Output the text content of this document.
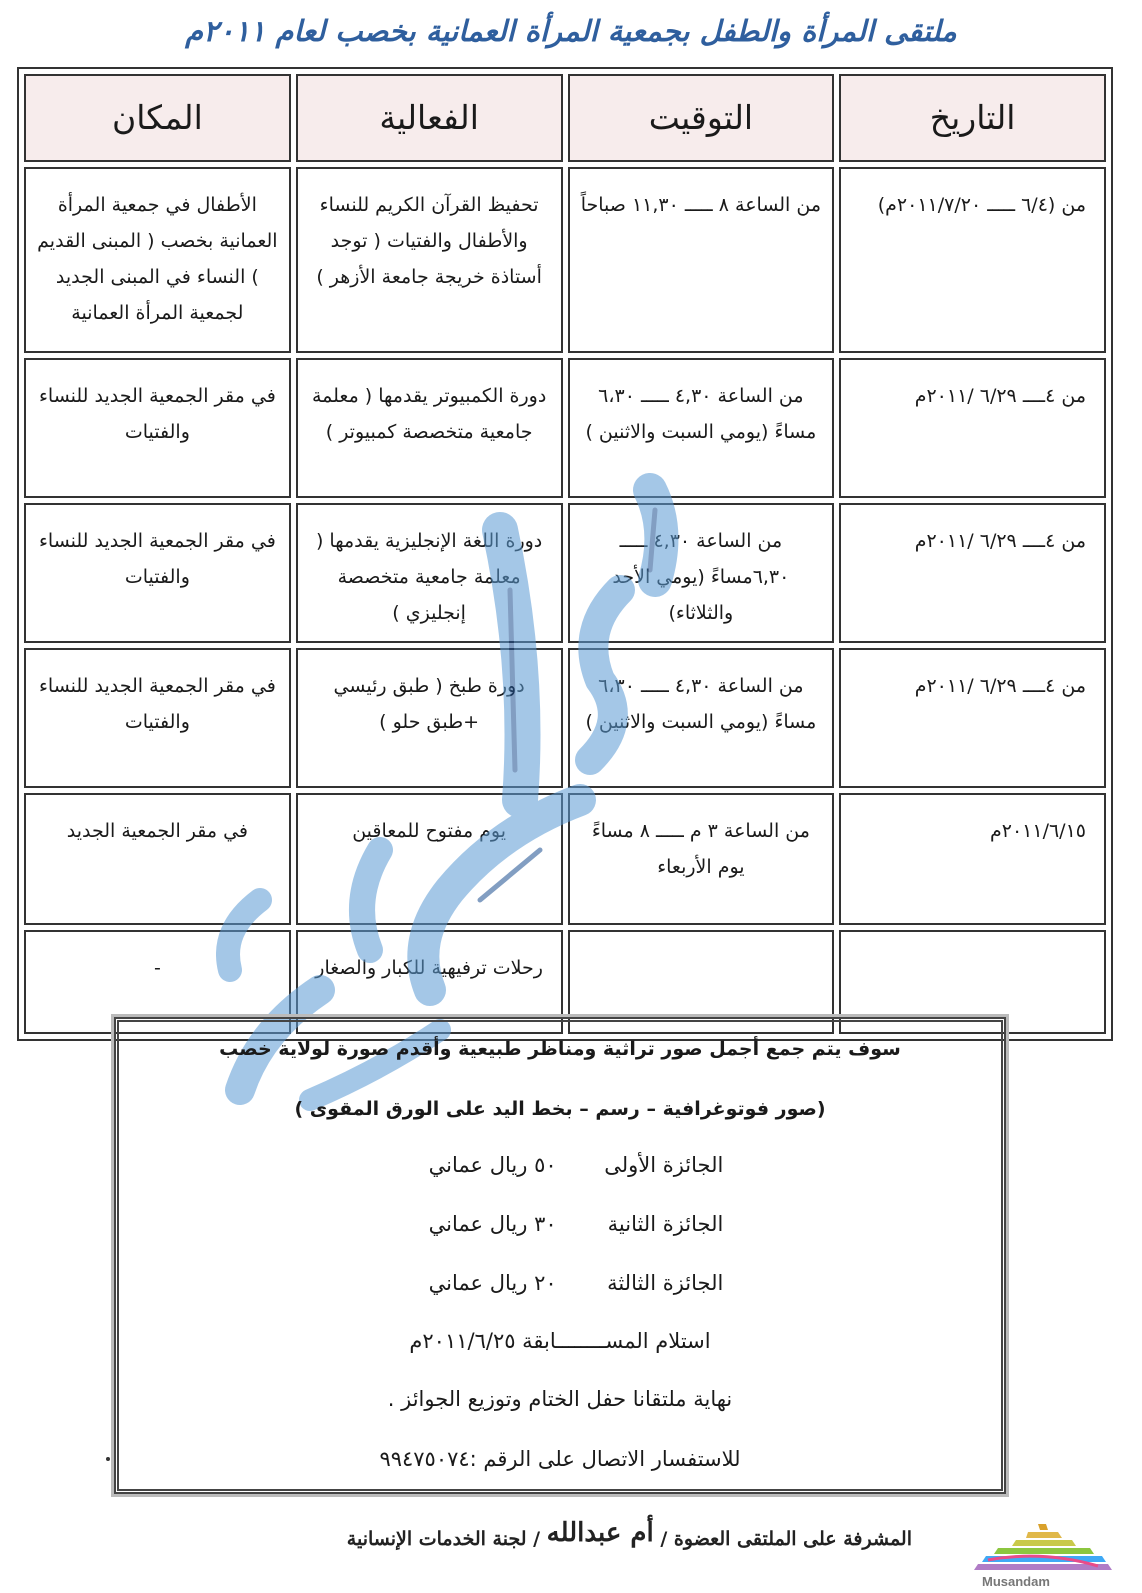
ملتقى المرأة والطفل بجمعية المرأة العمانية بخصب لعام ٢٠١١م
التاريخ	التوقيت	الفعالية	المكان
من (٦/٤ ـــــ ٢٠١١/٧/٢٠م)	من الساعة ٨ ـــــ ١١,٣٠ صباحاً	تحفيظ القرآن الكريم للنساء والأطفال والفتيات ( توجد أستاذة خريجة جامعة الأزهر )	الأطفال في جمعية المرأة العمانية بخصب ( المبنى القديم ) النساء في المبنى الجديد لجمعية المرأة العمانية
من ٤ــــ ٦/٢٩ /٢٠١١م	من الساعة ٤,٣٠ ـــــ ٦،٣٠ مساءً (يومي السبت والاثنين )	دورة الكمبيوتر يقدمها ( معلمة جامعية متخصصة كمبيوتر )	في مقر الجمعية الجديد للنساء والفتيات
من ٤ــــ ٦/٢٩ /٢٠١١م	من الساعة ٤,٣٠ ـــــ ٦,٣٠مساءً (يومي الأحد والثلاثاء)	دورة اللغة الإنجليزية يقدمها ( معلمة جامعية متخصصة إنجليزي )	في مقر الجمعية الجديد للنساء والفتيات
من ٤ــــ ٦/٢٩ /٢٠١١م	من الساعة ٤,٣٠ ـــــ ٦،٣٠ مساءً (يومي السبت والاثنين )	دورة طبخ ( طبق رئيسي +طبق حلو )	في مقر الجمعية الجديد للنساء والفتيات
٢٠١١/٦/١٥م	من الساعة ٣ م ـــــ ٨ مساءً يوم الأربعاء	يوم مفتوح للمعاقين	في مقر الجمعية الجديد
		رحلات ترفيهية للكبار والصغار	-
سوف يتم جمع أجمل صور تراثية ومناظر طبيعية وأقدم صورة لولاية خصب
(صور فوتوغرافية – رسم – بخط اليد على الورق المقوى )
الجائزة الأولى ٥٠ ريال عماني
الجائزة الثانية ٣٠ ريال عماني
الجائزة الثالثة ٢٠ ريال عماني
استلام المســــــــابقة ٢٠١١/٦/٢٥م
نهاية ملتقانا حفل الختام وتوزيع الجوائز .
للاستفسار الاتصال على الرقم :٩٩٤٧٥٠٧٤
المشرفة على الملتقى العضوة / أم عبدالله / لجنة الخدمات الإنسانية
Musandam
